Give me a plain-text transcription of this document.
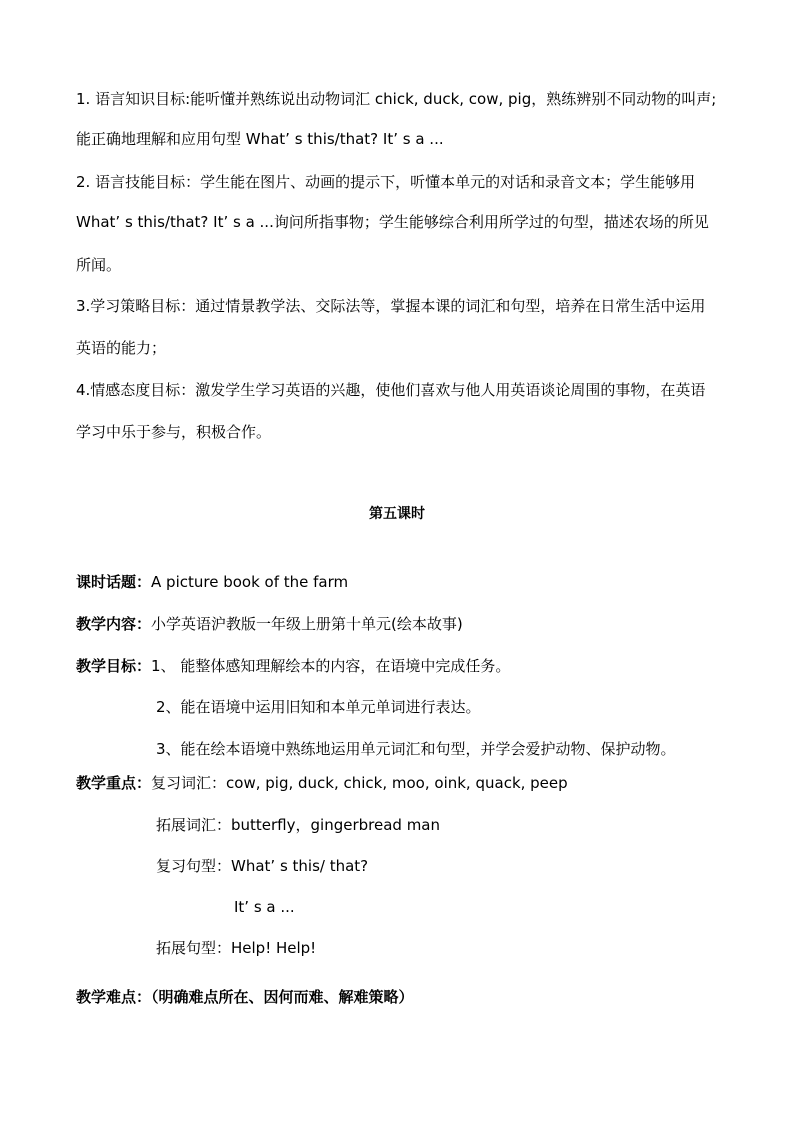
1. 语言知识目标:能听懂并熟练说出动物词汇 chick, duck, cow, pig，熟练辨别不同动物的叫声;
能正确地理解和应用句型 What’ s this/that? It’ s a ...
2. 语言技能目标：学生能在图片、动画的提示下，听懂本单元的对话和录音文本；学生能够用
What’ s this/that? It’ s a ...询问所指事物；学生能够综合利用所学过的句型，描述农场的所见
所闻。
3.学习策略目标：通过情景教学法、交际法等，掌握本课的词汇和句型，培养在日常生活中运用
英语的能力；
4.情感态度目标：激发学生学习英语的兴趣，使他们喜欢与他人用英语谈论周围的事物，在英语
学习中乐于参与，积极合作。
第五课时
课时话题：A picture book of the farm
教学内容：小学英语沪教版一年级上册第十单元(绘本故事)
教学目标：1、 能整体感知理解绘本的内容，在语境中完成任务。
2、能在语境中运用旧知和本单元单词进行表达。
3、能在绘本语境中熟练地运用单元词汇和句型，并学会爱护动物、保护动物。
教学重点：复习词汇：cow, pig, duck, chick, moo, oink, quack, peep
拓展词汇：butterfly，gingerbread man
复习句型：What’ s this/ that?
It’ s a ...
拓展句型：Help! Help!
教学难点：（明确难点所在、因何而难、解难策略）
